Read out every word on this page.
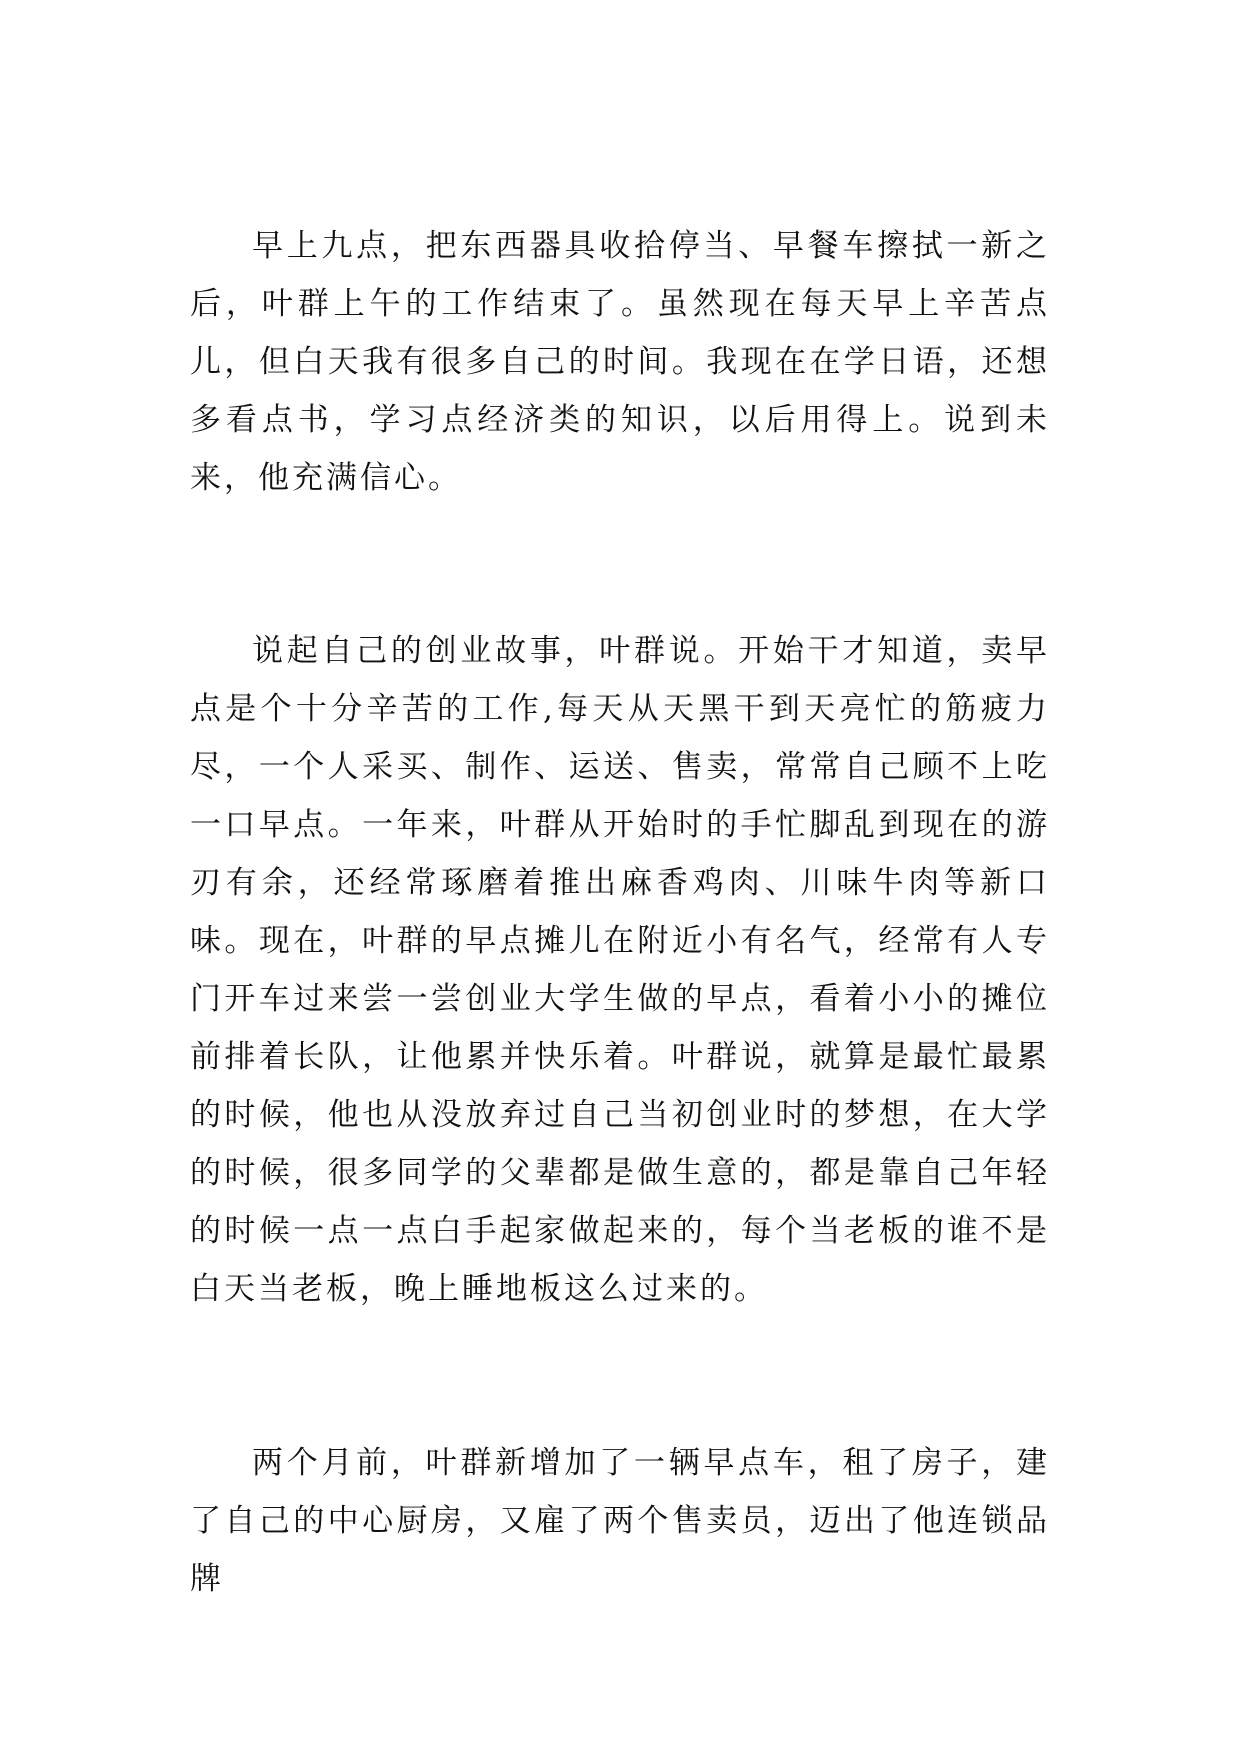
早上九点，把东西器具收拾停当、早餐车擦拭一新之后，叶群上午的工作结束了。虽然现在每天早上辛苦点儿，但白天我有很多自己的时间。我现在在学日语，还想多看点书，学习点经济类的知识，以后用得上。说到未来，他充满信心。

说起自己的创业故事，叶群说。开始干才知道，卖早点是个十分辛苦的工作,每天从天黑干到天亮忙的筋疲力尽，一个人采买、制作、运送、售卖，常常自己顾不上吃一口早点。一年来，叶群从开始时的手忙脚乱到现在的游刃有余，还经常琢磨着推出麻香鸡肉、川味牛肉等新口味。现在，叶群的早点摊儿在附近小有名气，经常有人专门开车过来尝一尝创业大学生做的早点，看着小小的摊位前排着长队，让他累并快乐着。叶群说，就算是最忙最累的时候，他也从没放弃过自己当初创业时的梦想，在大学的时候，很多同学的父辈都是做生意的，都是靠自己年轻的时候一点一点白手起家做起来的，每个当老板的谁不是白天当老板，晚上睡地板这么过来的。

两个月前，叶群新增加了一辆早点车，租了房子，建了自己的中心厨房，又雇了两个售卖员，迈出了他连锁品牌
